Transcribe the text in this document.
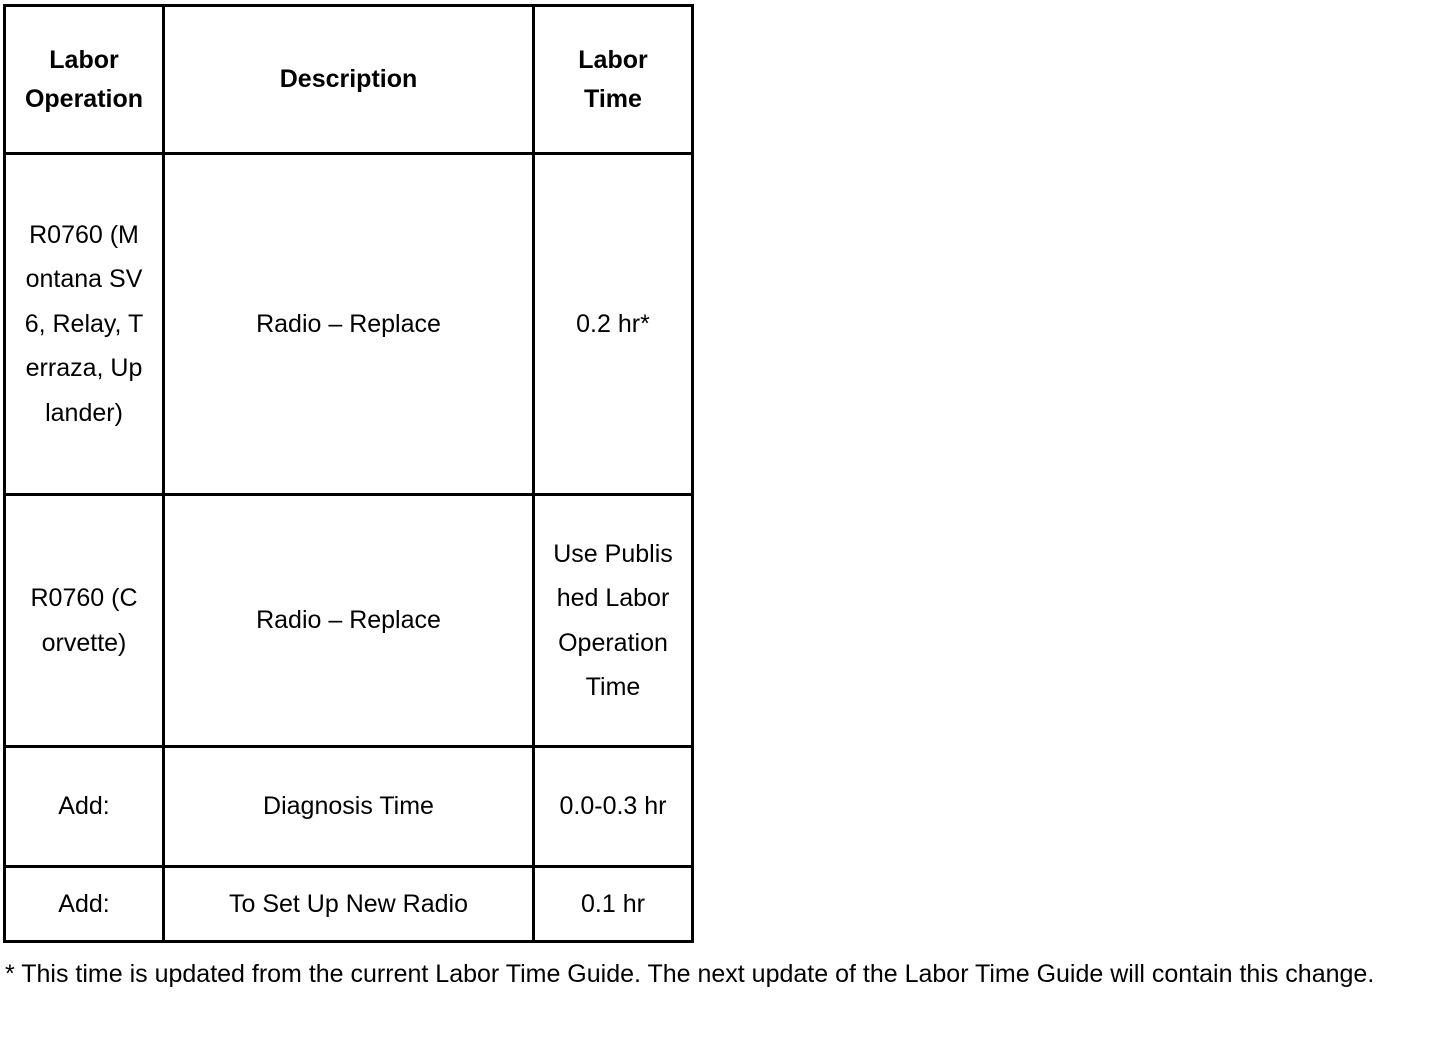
Labor Operation	Description	Labor Time

R0760 (Montana SV6, Relay, Terraza, Uplander)	Radio – Replace	0.2 hr*

R0760 (Corvette)	Radio – Replace	Use Published Labor Operation Time

Add:	Diagnosis Time	0.0-0.3 hr

Add:	To Set Up New Radio	0.1 hr

* This time is updated from the current Labor Time Guide. The next update of the Labor Time Guide will contain this change.
